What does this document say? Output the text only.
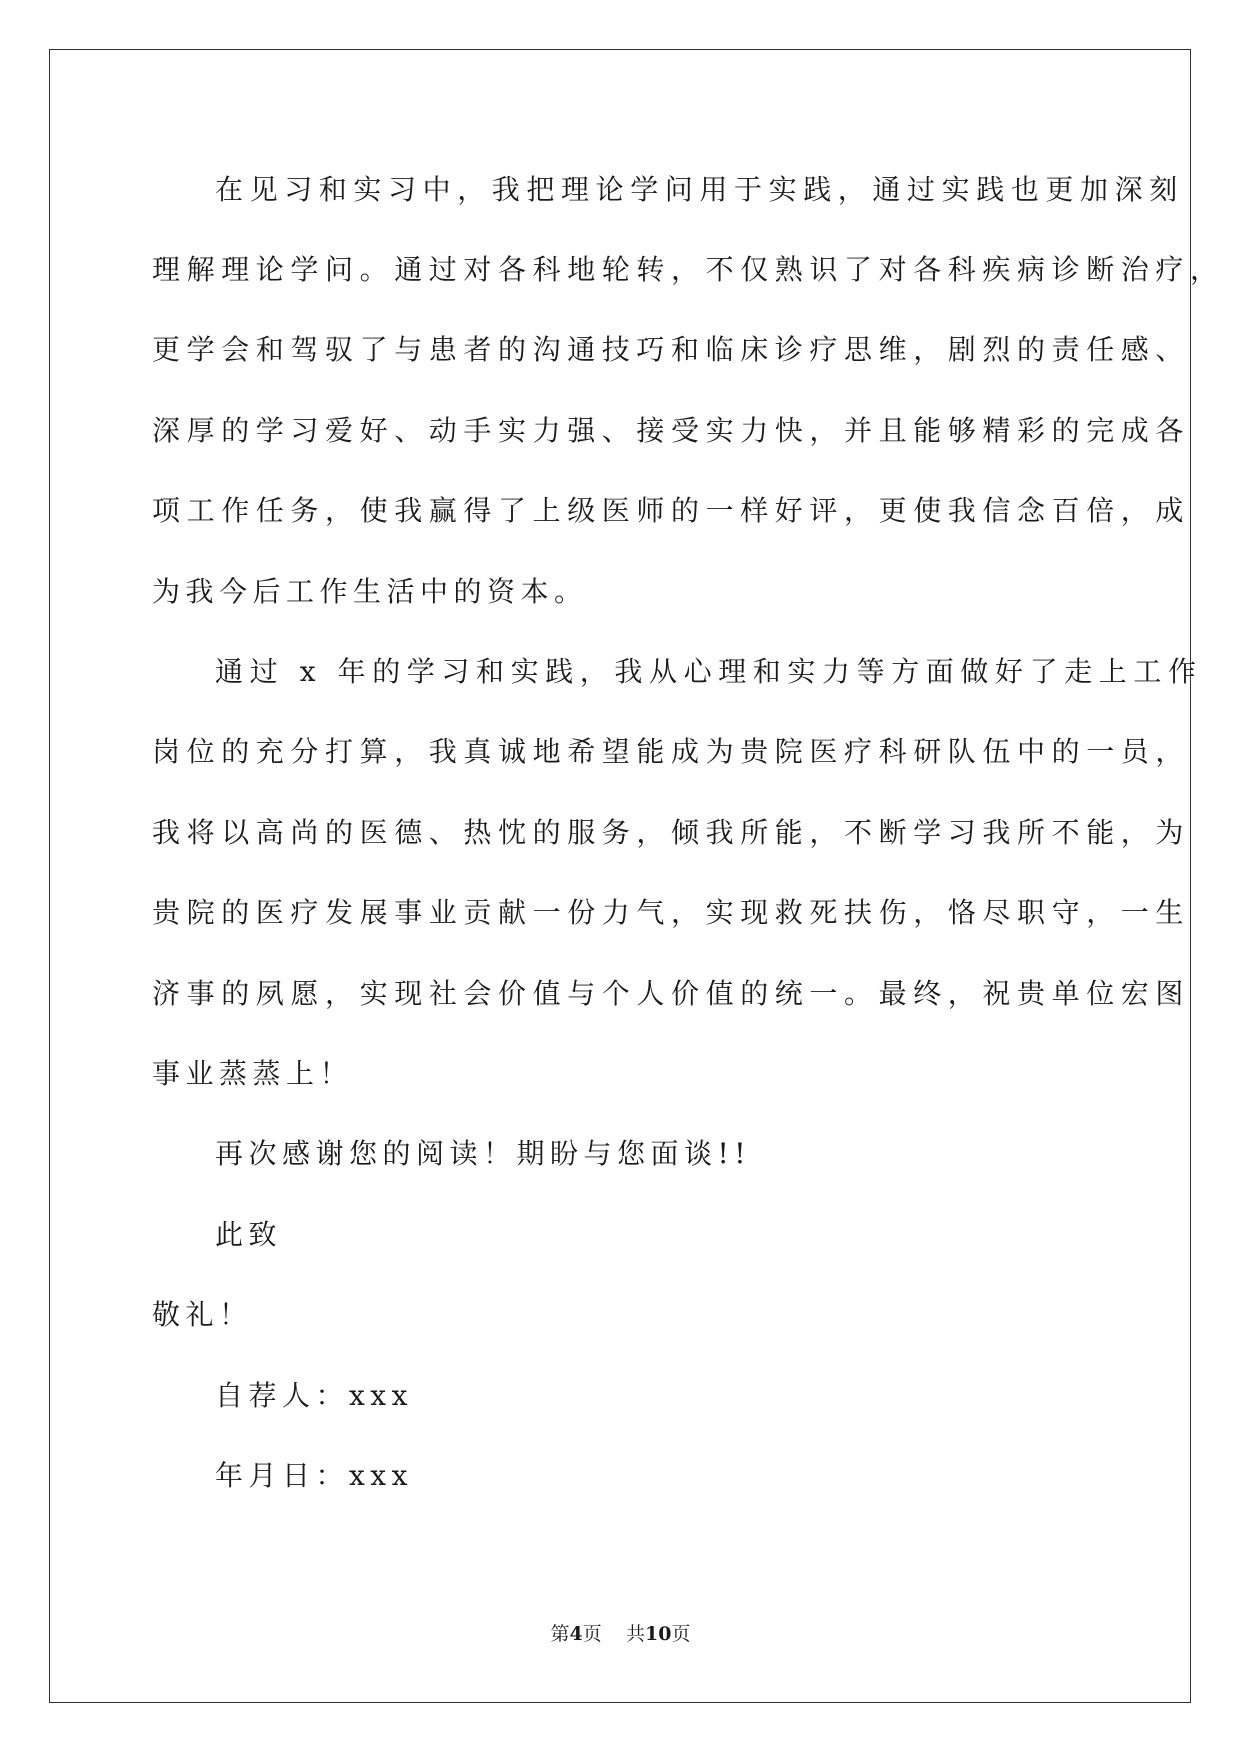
在见习和实习中，我把理论学问用于实践，通过实践也更加深刻
理解理论学问。通过对各科地轮转，不仅熟识了对各科疾病诊断治疗，
更学会和驾驭了与患者的沟通技巧和临床诊疗思维，剧烈的责任感、
深厚的学习爱好、动手实力强、接受实力快，并且能够精彩的完成各
项工作任务，使我赢得了上级医师的一样好评，更使我信念百倍，成
为我今后工作生活中的资本。
通过 x 年的学习和实践，我从心理和实力等方面做好了走上工作
岗位的充分打算，我真诚地希望能成为贵院医疗科研队伍中的一员，
我将以高尚的医德、热忱的服务，倾我所能，不断学习我所不能，为
贵院的医疗发展事业贡献一份力气，实现救死扶伤，恪尽职守，一生
济事的夙愿，实现社会价值与个人价值的统一。最终，祝贵单位宏图
事业蒸蒸上！
再次感谢您的阅读！期盼与您面谈!!
此致
敬礼！
自荐人：xxx
年月日：xxx
第4页 共10页
